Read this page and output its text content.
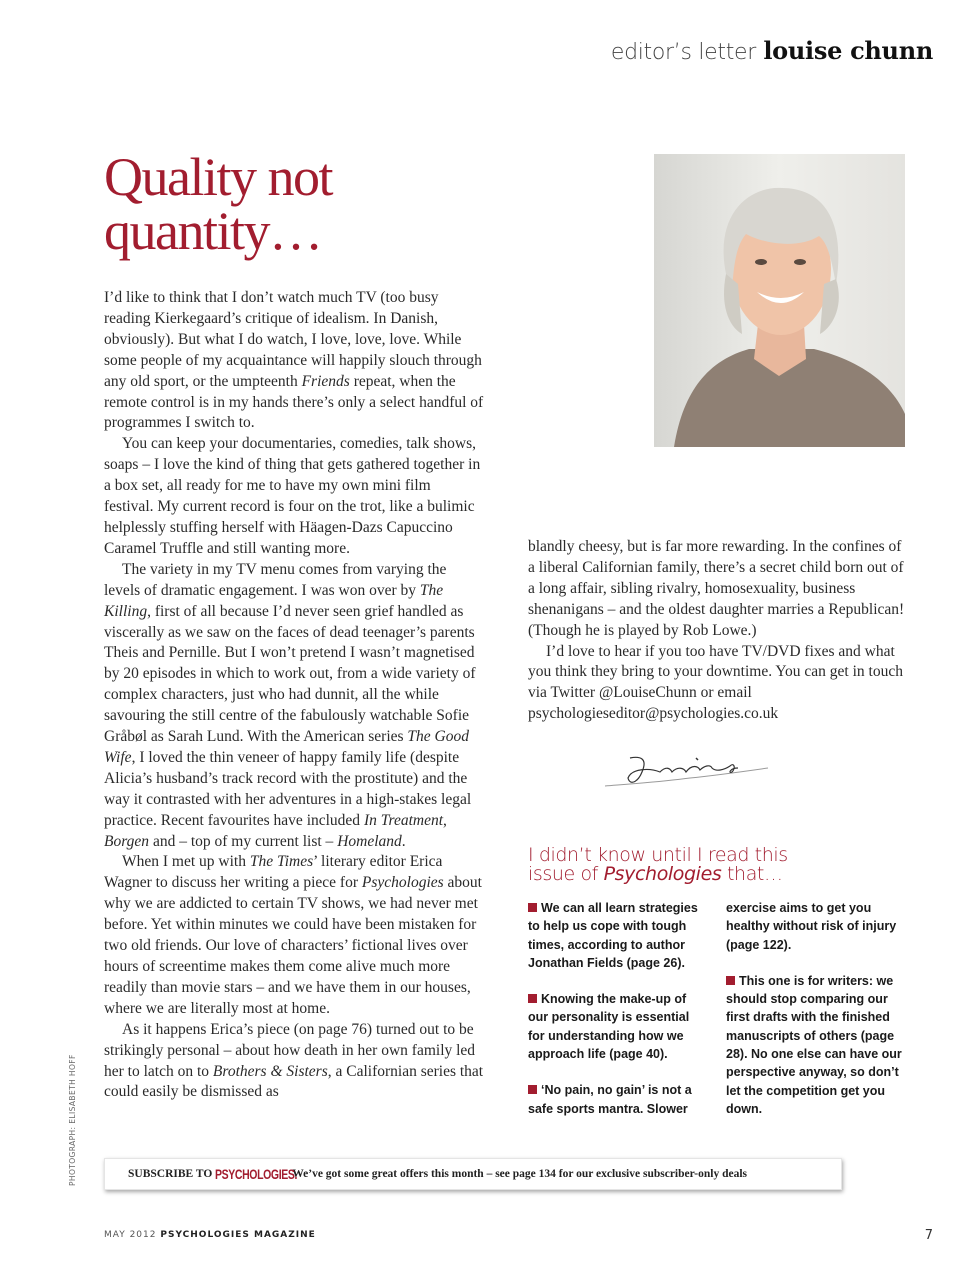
editor’s letter louise chunn
Quality not quantity…

I’d like to think that I don’t watch much TV (too busy reading Kierkegaard’s critique of idealism. In Danish, obviously). But what I do watch, I love, love, love. While some people of my acquaintance will happily slouch through any old sport, or the umpteenth Friends repeat, when the remote control is in my hands there’s only a select handful of programmes I switch to.

You can keep your documentaries, comedies, talk shows, soaps – I love the kind of thing that gets gathered together in a box set, all ready for me to have my own mini film festival. My current record is four on the trot, like a bulimic helplessly stuffing herself with Häagen-Dazs Capuccino Caramel Truffle and still wanting more.

The variety in my TV menu comes from varying the levels of dramatic engagement. I was won over by The Killing, first of all because I’d never seen grief handled as viscerally as we saw on the faces of dead teenager’s parents Theis and Pernille. But I won’t pretend I wasn’t magnetised by 20 episodes in which to work out, from a wide variety of complex characters, just who had dunnit, all the while savouring the still centre of the fabulously watchable Sofie Gråbøl as Sarah Lund. With the American series The Good Wife, I loved the thin veneer of happy family life (despite Alicia’s husband’s track record with the prostitute) and the way it contrasted with her adventures in a high-stakes legal practice. Recent favourites have included In Treatment, Borgen and – top of my current list – Homeland.

When I met up with The Times’ literary editor Erica Wagner to discuss her writing a piece for Psychologies about why we are addicted to certain TV shows, we had never met before. Yet within minutes we could have been mistaken for two old friends. Our love of characters’ fictional lives over hours of screentime makes them come alive much more readily than movie stars – and we have them in our houses, where we are literally most at home.

As it happens Erica’s piece (on page 76) turned out to be strikingly personal – about how death in her own family led her to latch on to Brothers & Sisters, a Californian series that could easily be dismissed as

blandly cheesy, but is far more rewarding. In the confines of a liberal Californian family, there’s a secret child born out of a long affair, sibling rivalry, homosexuality, business shenanigans – and the oldest daughter marries a Republican! (Though he is played by Rob Lowe.)

I’d love to hear if you too have TV/DVD fixes and what you think they bring to your downtime. You can get in touch via Twitter @LouiseChunn or email psychologieseditor@psychologies.co.uk

I didn’t know until I read this issue of Psychologies that…
We can all learn strategies to help us cope with tough times, according to author Jonathan Fields (page 26).
Knowing the make-up of our personality is essential for understanding how we approach life (page 40).
‘No pain, no gain’ is not a safe sports mantra. Slower
exercise aims to get you healthy without risk of injury (page 122).
This one is for writers: we should stop comparing our first drafts with the finished manuscripts of others (page 28). No one else can have our perspective anyway, so don’t let the competition get you down.
PHOTOGRAPH: ELISABETH HOFF	SUBSCRIBE TO PSYCHOLOGIES.
We’ve got some great offers this month – see page 134 for our exclusive subscriber-only deals
MAY 2012 PSYCHOLOGIES MAGAZINE	7
